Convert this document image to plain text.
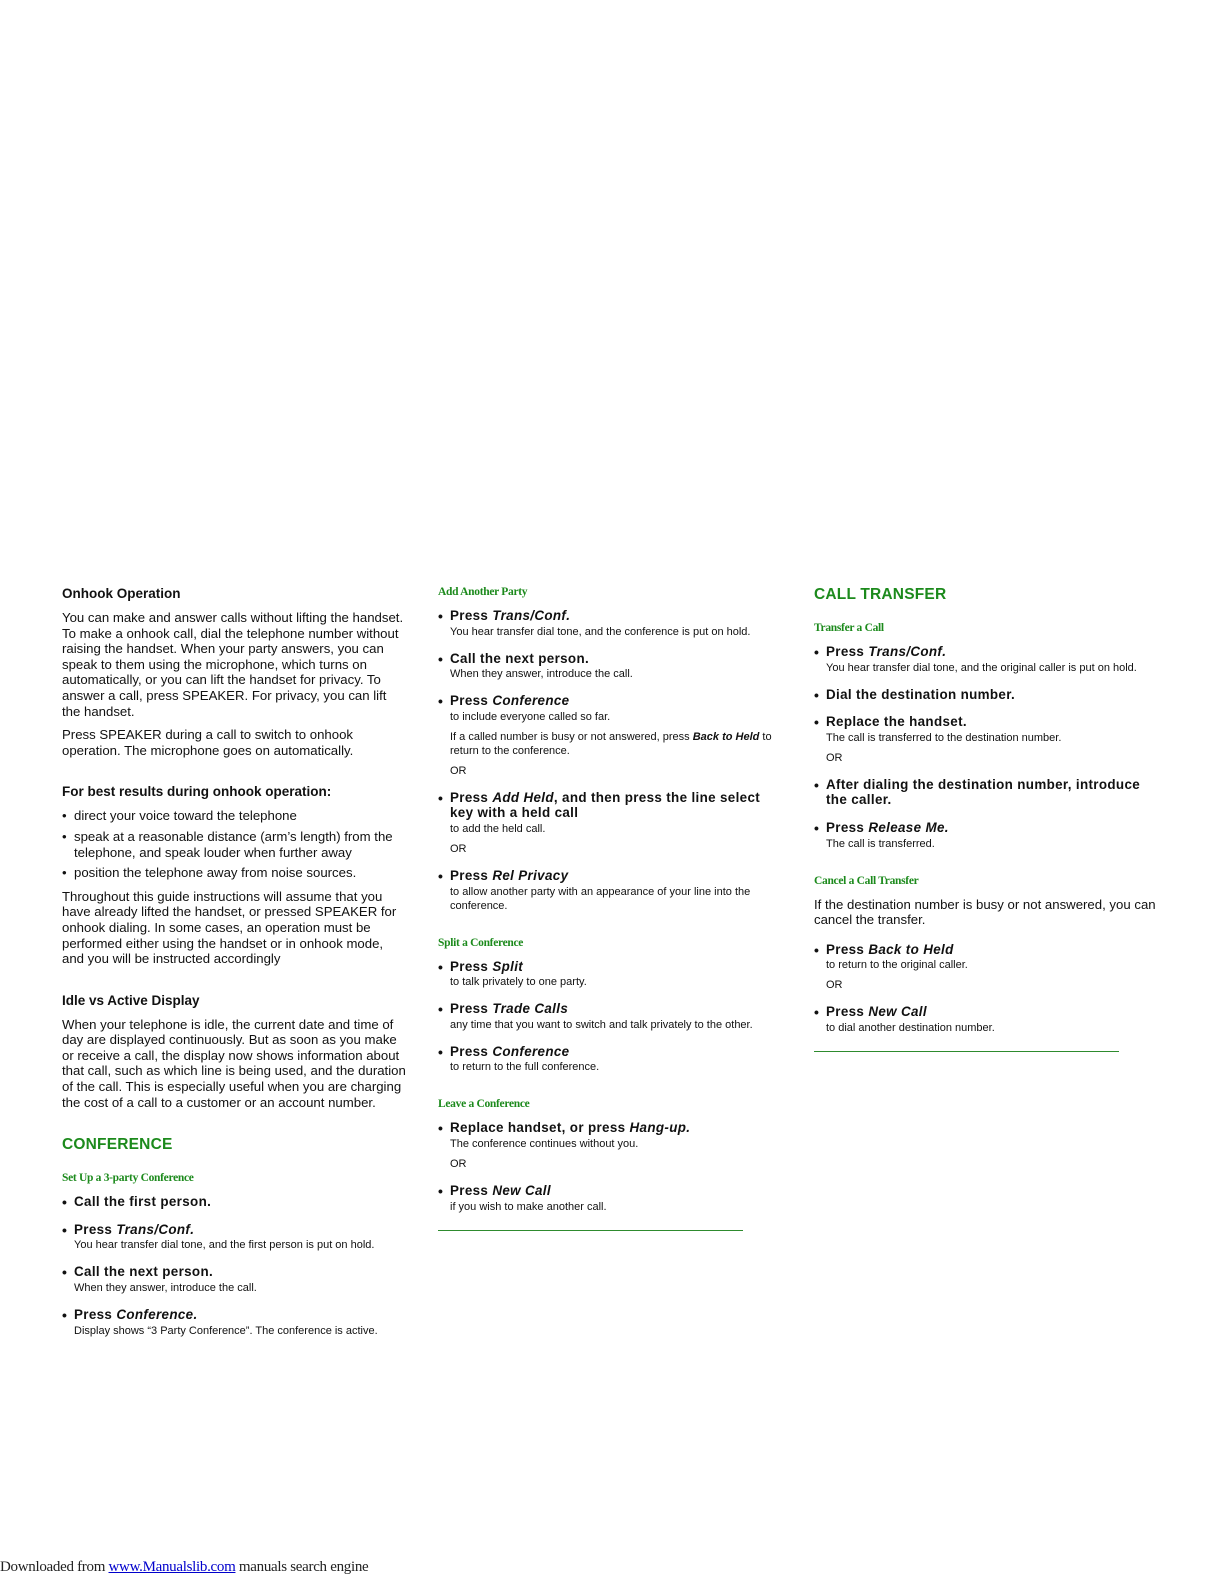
Onhook Operation

You can make and answer calls without lifting the handset. To make a onhook call, dial the telephone number without raising the handset. When your party answers, you can speak to them using the microphone, which turns on automatically, or you can lift the handset for privacy. To answer a call, press SPEAKER. For privacy, you can lift the handset.

Press SPEAKER during a call to switch to onhook operation. The microphone goes on automatically.

For best results during onhook operation:
• direct your voice toward the telephone
• speak at a reasonable distance (arm’s length) from the telephone, and speak louder when further away
• position the telephone away from noise sources.

Throughout this guide instructions will assume that you have already lifted the handset, or pressed SPEAKER for onhook dialing. In some cases, an operation must be performed either using the handset or in onhook mode, and you will be instructed accordingly

Idle vs Active Display

When your telephone is idle, the current date and time of day are displayed continuously. But as soon as you make or receive a call, the display now shows information about that call, such as which line is being used, and the duration of the call. This is especially useful when you are charging the cost of a call to a customer or an account number.

CONFERENCE
Set Up a 3-party Conference
• Call the first person.
• Press Trans/Conf.
You hear transfer dial tone, and the first person is put on hold.
• Call the next person.
When they answer, introduce the call.
• Press Conference.
Display shows “3 Party Conference”. The conference is active.
Add Another Party
• Press Trans/Conf.
You hear transfer dial tone, and the conference is put on hold.
• Call the next person.
When they answer, introduce the call.
• Press Conference
to include everyone called so far.
If a called number is busy or not answered, press Back to Held to return to the conference.
OR
• Press Add Held, and then press the line select key with a held call
to add the held call.
OR
• Press Rel Privacy
to allow another party with an appearance of your line into the conference.
Split a Conference
• Press Split
to talk privately to one party.
• Press Trade Calls
any time that you want to switch and talk privately to the other.
• Press Conference
to return to the full conference.
Leave a Conference
• Replace handset, or press Hang-up.
The conference continues without you.
OR
• Press New Call
if you wish to make another call.
CALL TRANSFER
Transfer a Call
• Press Trans/Conf.
You hear transfer dial tone, and the original caller is put on hold.
• Dial the destination number.
• Replace the handset.
The call is transferred to the destination number.
OR
• After dialing the destination number, introduce the caller.
• Press Release Me.
The call is transferred.
Cancel a Call Transfer

If the destination number is busy or not answered, you can cancel the transfer.

• Press Back to Held
to return to the original caller.
OR
• Press New Call
to dial another destination number.
Downloaded from www.Manualslib.com manuals search engine
